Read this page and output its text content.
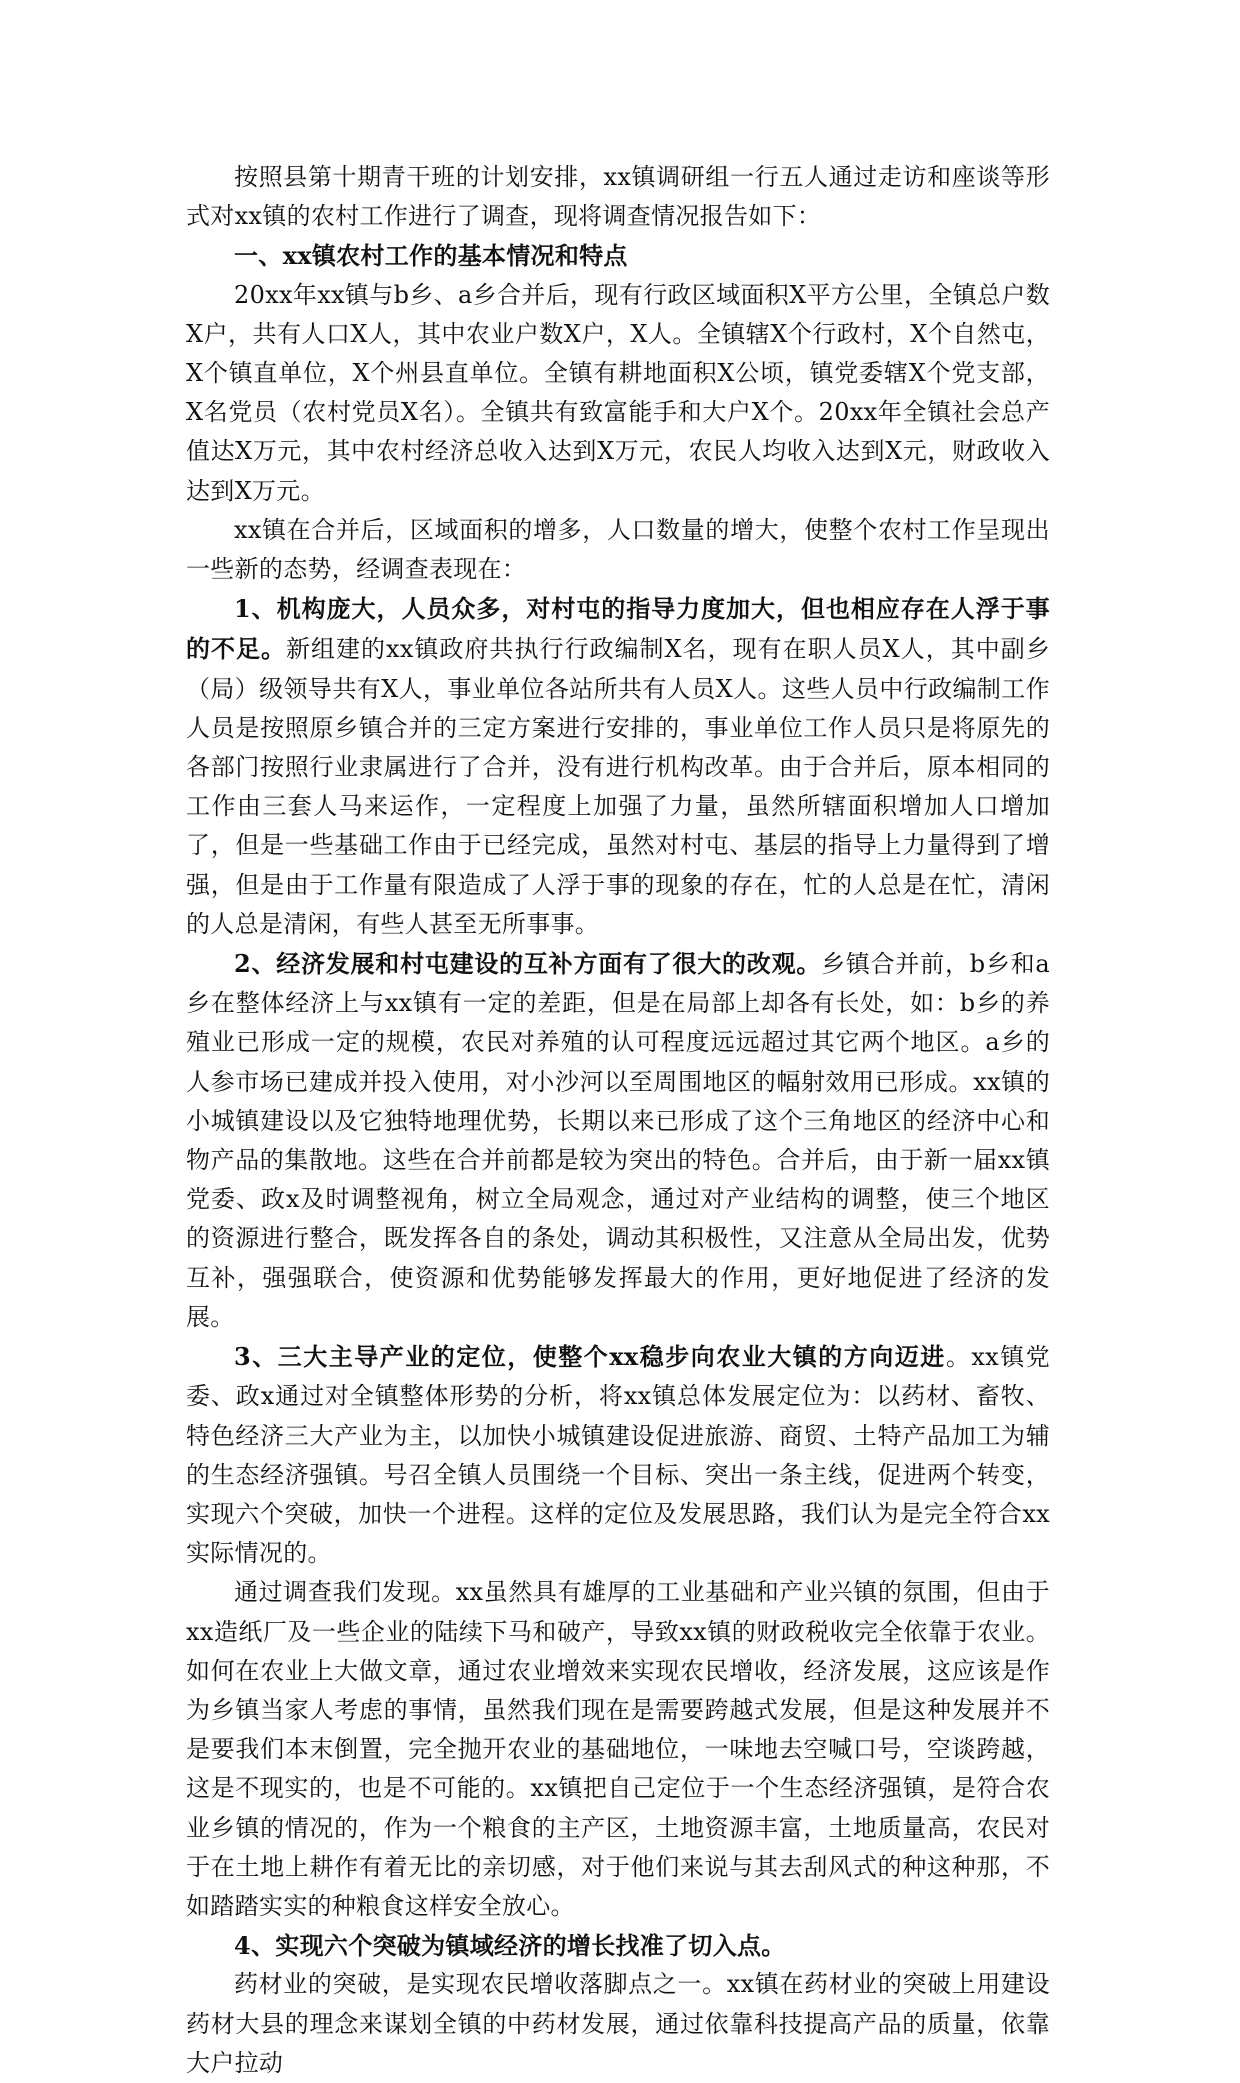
按照县第十期青干班的计划安排，xx镇调研组一行五人通过走访和座谈等形式对xx镇的农村工作进行了调查，现将调查情况报告如下：

一、xx镇农村工作的基本情况和特点

20xx年xx镇与b乡、a乡合并后，现有行政区域面积X平方公里，全镇总户数X户，共有人口X人，其中农业户数X户，X人。全镇辖X个行政村，X个自然屯，X个镇直单位，X个州县直单位。全镇有耕地面积X公顷，镇党委辖X个党支部，X名党员（农村党员X名）。全镇共有致富能手和大户X个。20xx年全镇社会总产值达X万元，其中农村经济总收入达到X万元，农民人均收入达到X元，财政收入达到X万元。

xx镇在合并后，区域面积的增多，人口数量的增大，使整个农村工作呈现出一些新的态势，经调查表现在：

1、机构庞大，人员众多，对村屯的指导力度加大，但也相应存在人浮于事的不足。新组建的xx镇政府共执行行政编制X名，现有在职人员X人，其中副乡（局）级领导共有X人，事业单位各站所共有人员X人。这些人员中行政编制工作人员是按照原乡镇合并的三定方案进行安排的，事业单位工作人员只是将原先的各部门按照行业隶属进行了合并，没有进行机构改革。由于合并后，原本相同的工作由三套人马来运作，一定程度上加强了力量，虽然所辖面积增加人口增加了，但是一些基础工作由于已经完成，虽然对村屯、基层的指导上力量得到了增强，但是由于工作量有限造成了人浮于事的现象的存在，忙的人总是在忙，清闲的人总是清闲，有些人甚至无所事事。

2、经济发展和村屯建设的互补方面有了很大的改观。乡镇合并前，b乡和a乡在整体经济上与xx镇有一定的差距，但是在局部上却各有长处，如：b乡的养殖业已形成一定的规模，农民对养殖的认可程度远远超过其它两个地区。a乡的人参市场已建成并投入使用，对小沙河以至周围地区的幅射效用已形成。xx镇的小城镇建设以及它独特地理优势，长期以来已形成了这个三角地区的经济中心和物产品的集散地。这些在合并前都是较为突出的特色。合并后，由于新一届xx镇党委、政x及时调整视角，树立全局观念，通过对产业结构的调整，使三个地区的资源进行整合，既发挥各自的条处，调动其积极性，又注意从全局出发，优势互补，强强联合，使资源和优势能够发挥最大的作用，更好地促进了经济的发展。

3、三大主导产业的定位，使整个xx稳步向农业大镇的方向迈进。xx镇党委、政x通过对全镇整体形势的分析，将xx镇总体发展定位为：以药材、畜牧、特色经济三大产业为主，以加快小城镇建设促进旅游、商贸、土特产品加工为辅的生态经济强镇。号召全镇人员围绕一个目标、突出一条主线，促进两个转变，实现六个突破，加快一个进程。这样的定位及发展思路，我们认为是完全符合xx实际情况的。

通过调查我们发现。xx虽然具有雄厚的工业基础和产业兴镇的氛围，但由于xx造纸厂及一些企业的陆续下马和破产，导致xx镇的财政税收完全依靠于农业。如何在农业上大做文章，通过农业增效来实现农民增收，经济发展，这应该是作为乡镇当家人考虑的事情，虽然我们现在是需要跨越式发展，但是这种发展并不是要我们本末倒置，完全抛开农业的基础地位，一味地去空喊口号，空谈跨越，这是不现实的，也是不可能的。xx镇把自己定位于一个生态经济强镇，是符合农业乡镇的情况的，作为一个粮食的主产区，土地资源丰富，土地质量高，农民对于在土地上耕作有着无比的亲切感，对于他们来说与其去刮风式的种这种那，不如踏踏实实的种粮食这样安全放心。

4、实现六个突破为镇域经济的增长找准了切入点。

药材业的突破，是实现农民增收落脚点之一。xx镇在药材业的突破上用建设药材大县的理念来谋划全镇的中药材发展，通过依靠科技提高产品的质量，依靠大户拉动
